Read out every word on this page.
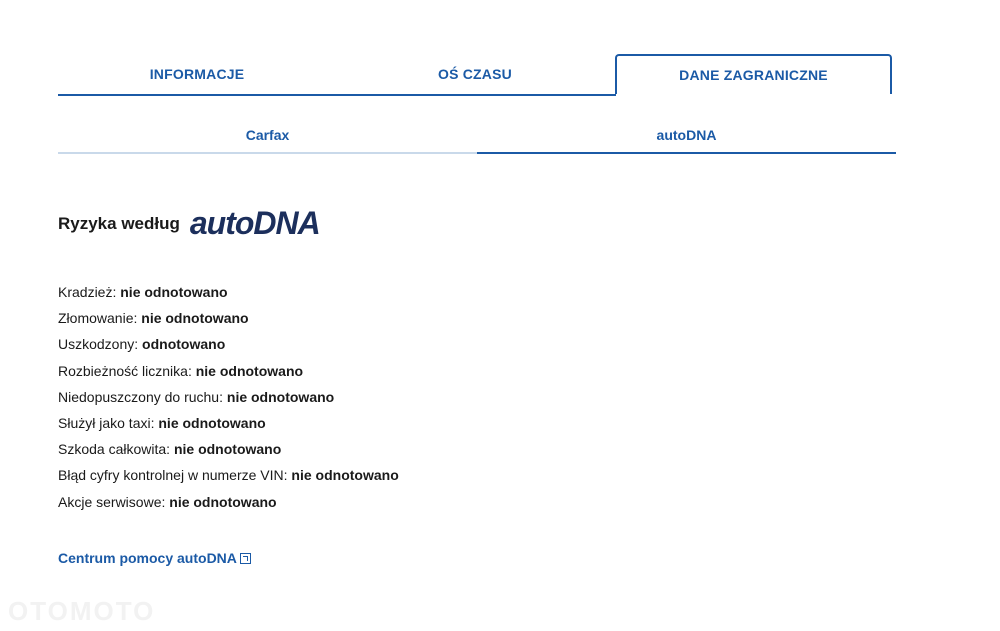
INFORMACJE	OŚ CZASU	DANE ZAGRANICZNE
Carfax	autoDNA
Ryzyka według autoDNA
Kradzież: nie odnotowano
Złomowanie: nie odnotowano
Uszkodzony: odnotowano
Rozbieżność licznika: nie odnotowano
Niedopuszczony do ruchu: nie odnotowano
Służył jako taxi: nie odnotowano
Szkoda całkowita: nie odnotowano
Błąd cyfry kontrolnej w numerze VIN: nie odnotowano
Akcje serwisowe: nie odnotowano
Centrum pomocy autoDNA
OTOMOTO
